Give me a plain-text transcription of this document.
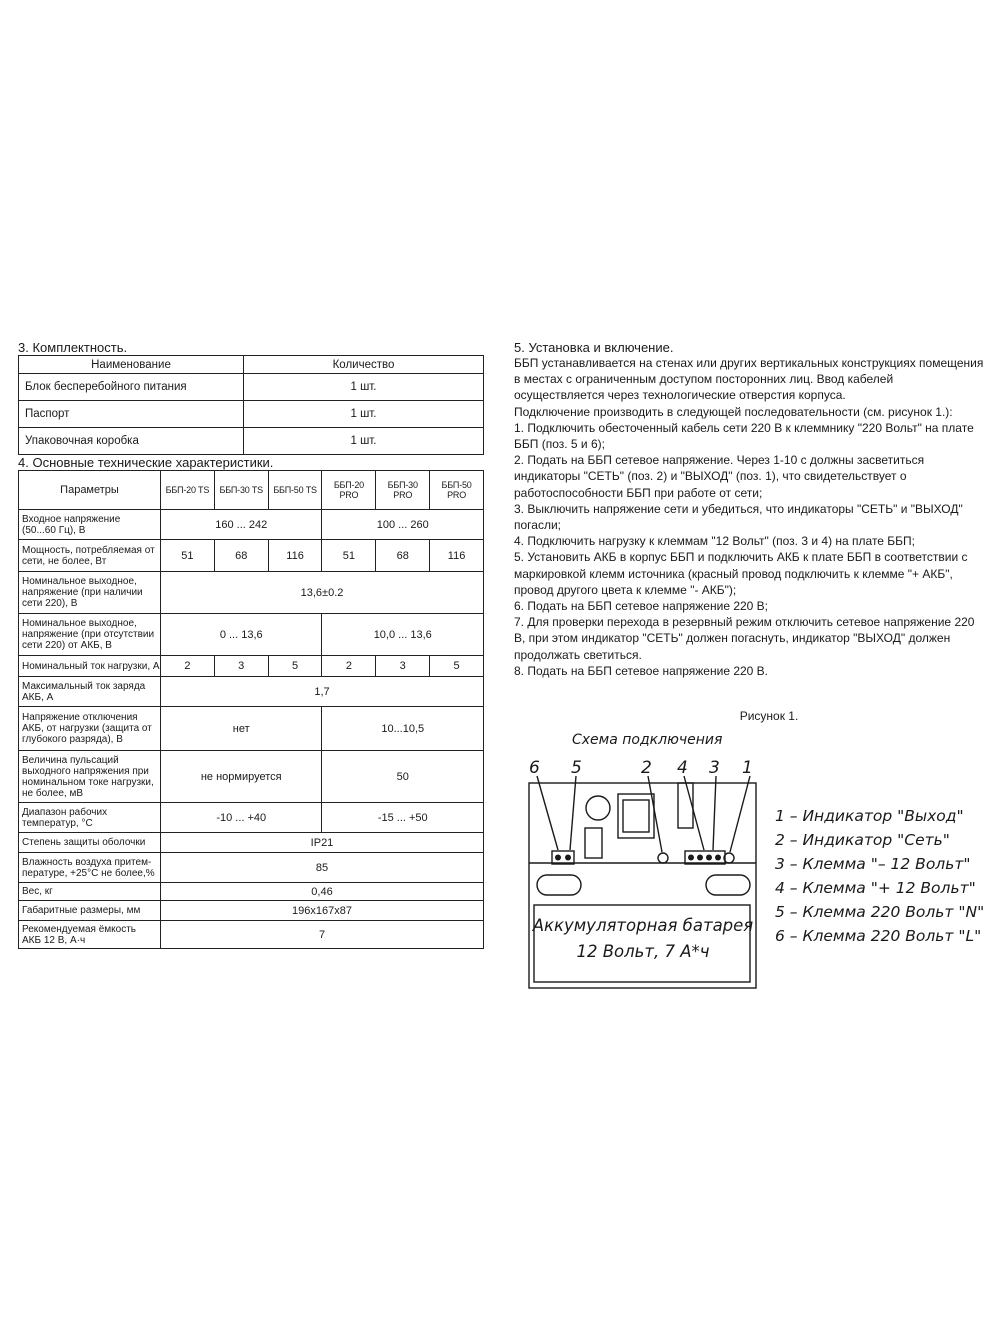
3. Комплектность.
Наименование	Количество
Блок бесперебойного питания	1 шт.
Паспорт	1 шт.
Упаковочная коробка	1 шт.
4. Основные технические характеристики.
Параметры	ББП-20 TS	ББП-30 TS	ББП-50 TS	ББП-20 PRO	ББП-30 PRO	ББП-50 PRO
Входное напряжение (50...60 Гц), В	160 ... 242			100 ... 260		
Мощность, потребляемая от сети, не более, Вт	51	68	116	51	68	116
Номинальное выходное, напряжение (при наличии сети 220), В	13,6±0.2					
Номинальное выходное, напряжение (при отсутствии сети 220) от АКБ, В	0 ... 13,6			10,0 ... 13,6		
Номинальный ток нагрузки, А	2	3	5	2	3	5
Максимальный ток заряда АКБ, А	1,7					
Напряжение отключения АКБ, от нагрузки (защита от глубокого разряда), В	нет			10...10,5		
Величина пульсаций выходного напряжения при номинальном токе нагрузки, не более, мВ	не нормируется			50		
Диапазон рабочих температур, °С	-10 ... +40			-15 ... +50		
Степень защиты оболочки	IP21					
Влажность воздуха притем-пературе, +25°С не более,%	85					
Вес, кг	0,46					
Габаритные размеры, мм	196x167x87					
Рекомендуемая ёмкость АКБ 12 В, А·ч	7					
5. Установка и включение.

ББП устанавливается на стенах или других вертикальных конструкциях помещения в местах с ограниченным доступом посторонних лиц. Ввод кабелей осуществляется через технологические отверстия корпуса.

Подключение производить в следующей последовательности (см. рисунок 1.):

1. Подключить обесточенный кабель сети 220 В к клеммнику "220 Вольт" на плате ББП (поз. 5 и 6);

2. Подать на ББП сетевое напряжение. Через 1-10 с должны засветиться индикаторы "СЕТЬ" (поз. 2) и "ВЫХОД" (поз. 1), что свидетельствует о работоспособности ББП при работе от сети;

3. Выключить напряжение сети и убедиться, что индикаторы "СЕТЬ" и "ВЫХОД" погасли;

4. Подключить нагрузку к клеммам "12 Вольт" (поз. 3 и 4) на плате ББП;

5. Установить АКБ в корпус ББП и подключить АКБ к плате ББП в соответствии с маркировкой клемм источника (красный провод подключить к клемме "+ АКБ", провод другого цвета к клемме "- АКБ");

6. Подать на ББП сетевое напряжение 220 В;

7. Для проверки перехода в резервный режим отключить сетевое напряжение 220 В, при этом индикатор "СЕТЬ" должен погаснуть, индикатор "ВЫХОД" должен продолжать светиться.

8. Подать на ББП сетевое напряжение 220 В.

Рисунок 1.
Схема подключения
6 5	2 4 3 1
Аккумуляторная батарея
12 Вольт, 7 А*ч
1 – Индикатор "Выход"
2 – Индикатор "Сеть"
3 – Клемма "– 12 Вольт"
4 – Клемма "+ 12 Вольт"
5 – Клемма 220 Вольт "N"
6 – Клемма 220 Вольт "L"
